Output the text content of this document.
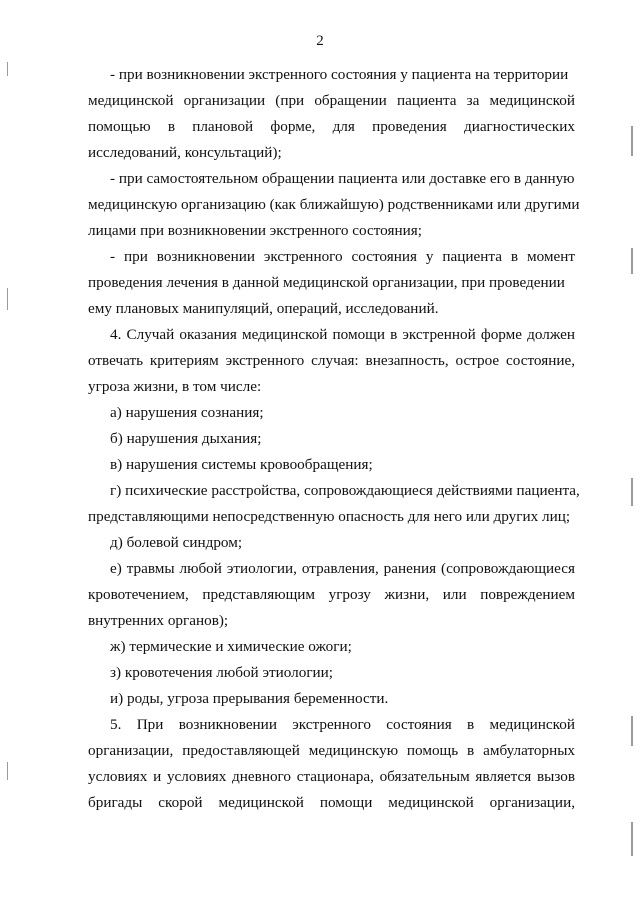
2
- при возникновении экстренного состояния у пациента на территории
медицинской организации (при обращении пациента за медицинской
помощью в плановой форме, для проведения диагностических
исследований, консультаций);
- при самостоятельном обращении пациента или доставке его в данную
медицинскую организацию (как ближайшую) родственниками или другими
лицами при возникновении экстренного состояния;
- при возникновении экстренного состояния у пациента в момент
проведения лечения в данной медицинской организации, при проведении
ему плановых манипуляций, операций, исследований.
4. Случай оказания медицинской помощи в экстренной форме должен
отвечать критериям экстренного случая: внезапность, острое состояние,
угроза жизни, в том числе:
а) нарушения сознания;
б) нарушения дыхания;
в) нарушения системы кровообращения;
г) психические расстройства, сопровождающиеся действиями пациента,
представляющими непосредственную опасность для него или других лиц;
д) болевой синдром;
е) травмы любой этиологии, отравления, ранения (сопровождающиеся
кровотечением, представляющим угрозу жизни, или повреждением
внутренних органов);
ж) термические и химические ожоги;
з) кровотечения любой этиологии;
и) роды, угроза прерывания беременности.
5. При возникновении экстренного состояния в медицинской
организации, предоставляющей медицинскую помощь в амбулаторных
условиях и условиях дневного стационара, обязательным является вызов
бригады скорой медицинской помощи медицинской организации,
